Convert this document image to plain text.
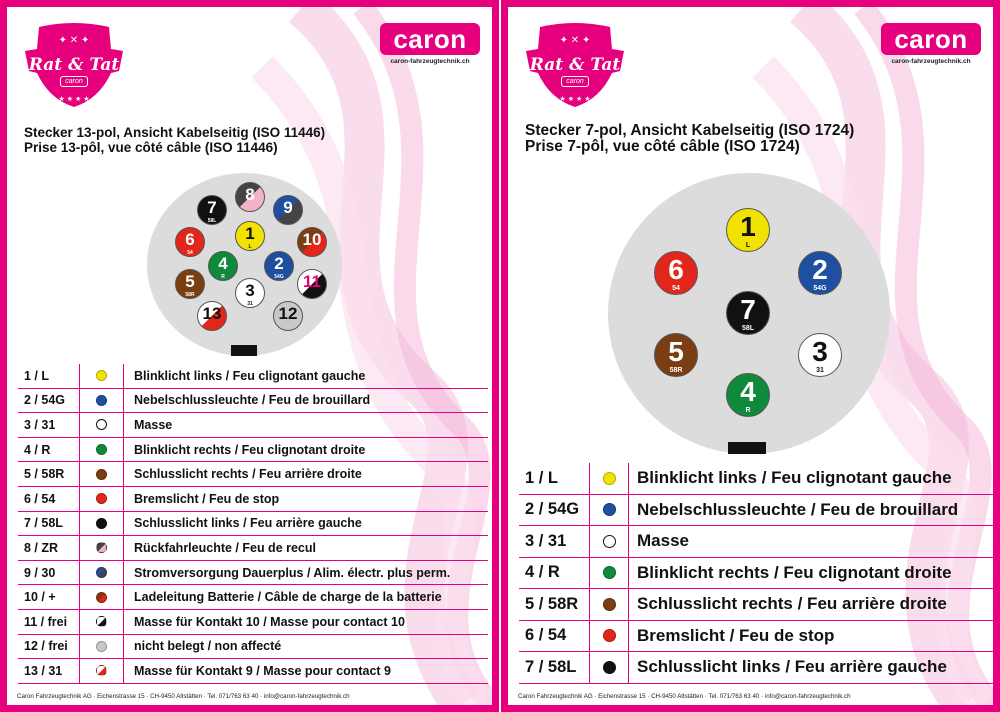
✦ ✕ ✦
★ ★ ★ ★
Rat & Tat
caron
caron
caron-fahrzeugtechnik.ch
Stecker 13-pol, Ansicht Kabelseitig (ISO 11446)
Prise 13-pôl, vue côté câble (ISO 11446)
7
58L
8
9
6
54
1
L	10
4
R
2
54G
5
58R	3
31
11
13	12
1 / L	Blinklicht links / Feu clignotant gauche
2 / 54G	Nebelschlussleuchte / Feu de brouillard
3 / 31	Masse
4 / R	Blinklicht rechts / Feu clignotant droite
5 / 58R	Schlusslicht rechts / Feu arrière droite
6 / 54	Bremslicht / Feu de stop
7 / 58L	Schlusslicht links / Feu arrière gauche
8 / ZR	Rückfahrleuchte / Feu de recul
9 / 30	Stromversorgung Dauerplus / Alim. électr. plus perm.
10 / +	Ladeleitung Batterie / Câble de charge de la batterie
11 / frei	Masse für Kontakt 10 / Masse pour contact 10
12 / frei	nicht belegt / non affecté
13 / 31	Masse für Kontakt 9 / Masse pour contact 9
Caron Fahrzeugtechnik AG · Eichenstrasse 15 · CH-9450 Altstätten · Tel. 071/763 63 40 · info@caron-fahrzeugtechnik.ch
✦ ✕ ✦
★ ★ ★ ★
Rat & Tat
caron
caron
caron-fahrzeugtechnik.ch
Stecker 7-pol, Ansicht Kabelseitig (ISO 1724)
Prise 7-pôl, vue côté câble (ISO 1724)
1
L
6
54
2
54G
7
58L
5
58R
3
31
4
R
1 / L	Blinklicht links / Feu clignotant gauche
2 / 54G	Nebelschlussleuchte / Feu de brouillard
3 / 31	Masse
4 / R	Blinklicht rechts / Feu clignotant droite
5 / 58R	Schlusslicht rechts / Feu arrière droite
6 / 54	Bremslicht / Feu de stop
7 / 58L	Schlusslicht links / Feu arrière gauche
Caron Fahrzeugtechnik AG · Eichenstrasse 15 · CH-9450 Altstätten · Tel. 071/763 63 40 · info@caron-fahrzeugtechnik.ch
